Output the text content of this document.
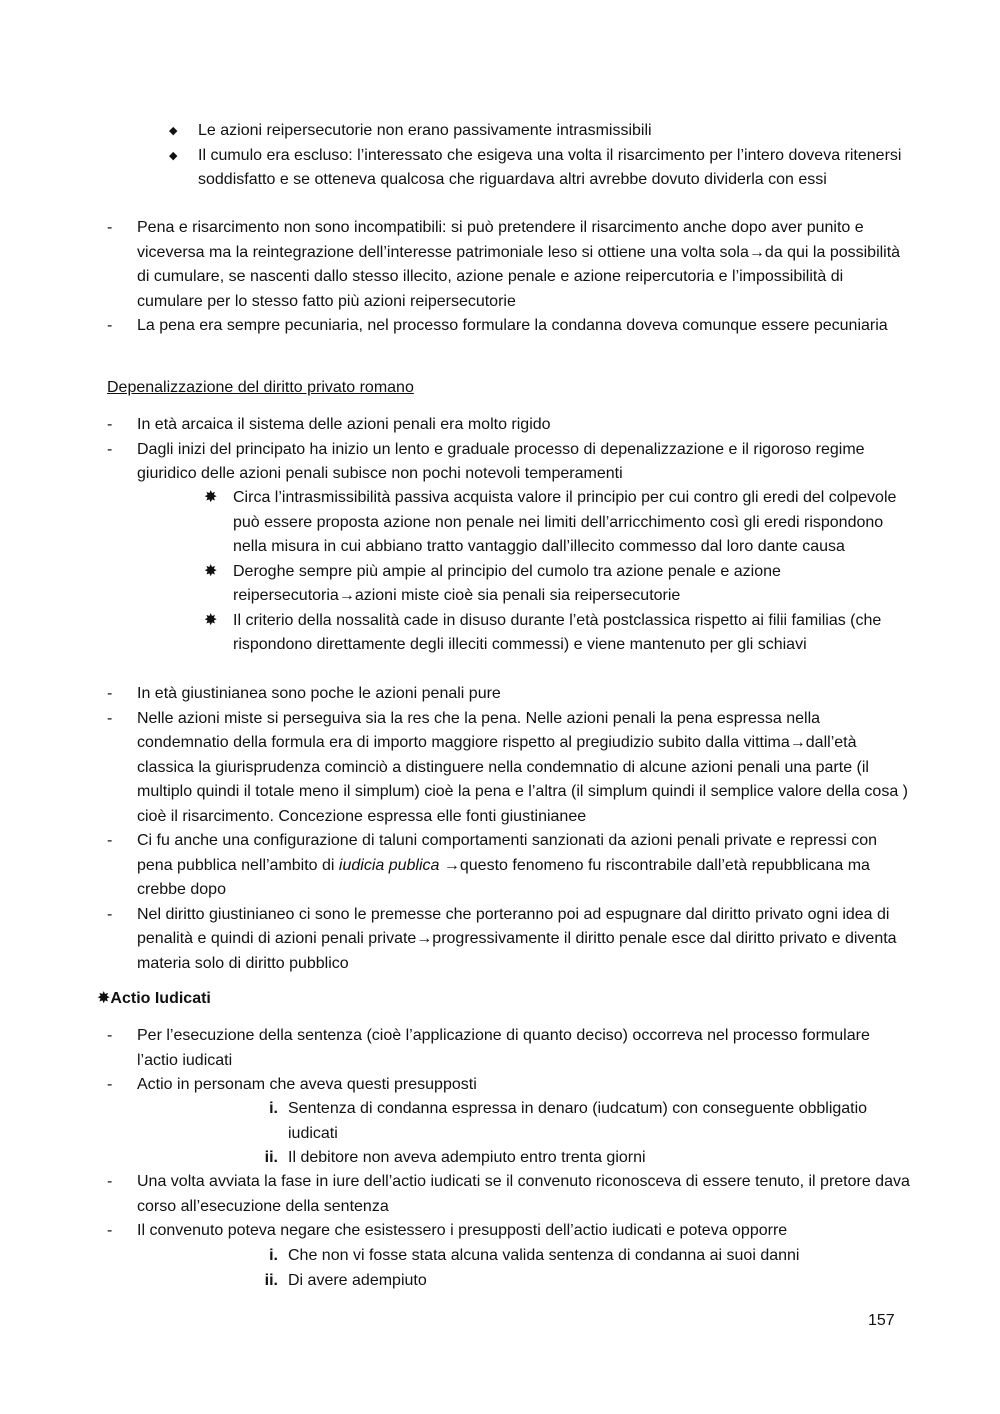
◆ Le azioni reipersecutorie non erano passivamente intrasmissibili
◆ Il cumulo era escluso: l’interessato che esigeva una volta il risarcimento per l’intero doveva ritenersi soddisfatto e se otteneva qualcosa che riguardava altri avrebbe dovuto dividerla con essi
- Pena e risarcimento non sono incompatibili: si può pretendere il risarcimento anche dopo aver punito e viceversa ma la reintegrazione dell’interesse patrimoniale leso si ottiene una volta sola→da qui la possibilità di cumulare, se nascenti dallo stesso illecito, azione penale e azione reipercutoria e l’impossibilità di cumulare per lo stesso fatto più azioni reipersecutorie
- La pena era sempre pecuniaria, nel processo formulare la condanna doveva comunque essere pecuniaria
Depenalizzazione del diritto privato romano
- In età arcaica il sistema delle azioni penali era molto rigido
- Dagli inizi del principato ha inizio un lento e graduale processo di depenalizzazione e il rigoroso regime giuridico delle azioni penali subisce non pochi notevoli temperamenti
✸ Circa l’intrasmissibilità passiva acquista valore il principio per cui contro gli eredi del colpevole può essere proposta azione non penale nei limiti dell’arricchimento così gli eredi rispondono nella misura in cui abbiano tratto vantaggio dall’illecito commesso dal loro dante causa
✸ Deroghe sempre più ampie al principio del cumolo tra azione penale e azione reipersecutoria→azioni miste cioè sia penali sia reipersecutorie
✸ Il criterio della nossalità cade in disuso durante l’età postclassica rispetto ai filii familias (che rispondono direttamente degli illeciti commessi) e viene mantenuto per gli schiavi
- In età giustinianea sono poche le azioni penali pure
- Nelle azioni miste si perseguiva sia la res che la pena. Nelle azioni penali la pena espressa nella condemnatio della formula era di importo maggiore rispetto al pregiudizio subito dalla vittima→dall’età classica la giurisprudenza cominciò a distinguere nella condemnatio di alcune azioni penali una parte (il multiplo quindi il totale meno il simplum) cioè la pena e l’altra (il simplum quindi il semplice valore della cosa ) cioè il risarcimento. Concezione espressa elle fonti giustinianee
- Ci fu anche una configurazione di taluni comportamenti sanzionati da azioni penali private e repressi con pena pubblica nell’ambito di iudicia publica →questo fenomeno fu riscontrabile dall’età repubblicana ma crebbe dopo
- Nel diritto giustinianeo ci sono le premesse che porteranno poi ad espugnare dal diritto privato ogni idea di penalità e quindi di azioni penali private→progressivamente il diritto penale esce dal diritto privato e diventa materia solo di diritto pubblico
✸Actio Iudicati
- Per l’esecuzione della sentenza (cioè l’applicazione di quanto deciso) occorreva nel processo formulare l’actio iudicati
- Actio in personam che aveva questi presupposti
i. Sentenza di condanna espressa in denaro (iudcatum) con conseguente obbligatio iudicati
ii. Il debitore non aveva adempiuto entro trenta giorni
- Una volta avviata la fase in iure dell’actio iudicati se il convenuto riconosceva di essere tenuto, il pretore dava corso all’esecuzione della sentenza
- Il convenuto poteva negare che esistessero i presupposti dell’actio iudicati e poteva opporre
i. Che non vi fosse stata alcuna valida sentenza di condanna ai suoi danni
ii. Di avere adempiuto
157
